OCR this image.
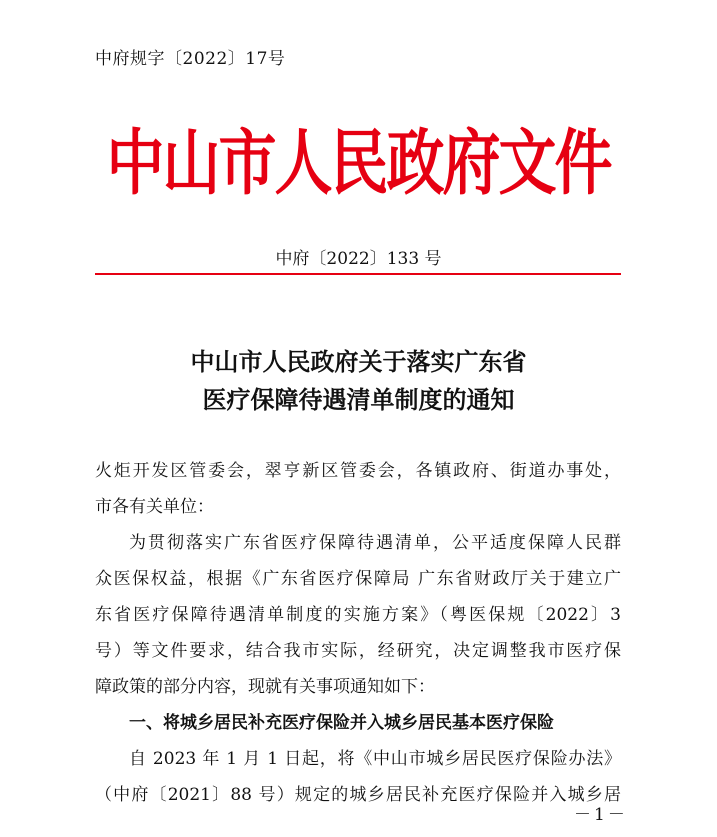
中府规字〔2022〕17号
中山市人民政府文件
中府〔2022〕133 号
中山市人民政府关于落实广东省
医疗保障待遇清单制度的通知
火炬开发区管委会，翠亨新区管委会，各镇政府、街道办事处，
市各有关单位：
为贯彻落实广东省医疗保障待遇清单，公平适度保障人民群
众医保权益，根据《广东省医疗保障局 广东省财政厅关于建立广
东省医疗保障待遇清单制度的实施方案》（粤医保规〔2022〕3
号）等文件要求，结合我市实际，经研究，决定调整我市医疗保
障政策的部分内容，现就有关事项通知如下：
一、将城乡居民补充医疗保险并入城乡居民基本医疗保险
自 2023 年 1 月 1 日起，将《中山市城乡居民医疗保险办法》
（中府〔2021〕88 号）规定的城乡居民补充医疗保险并入城乡居
－1－
